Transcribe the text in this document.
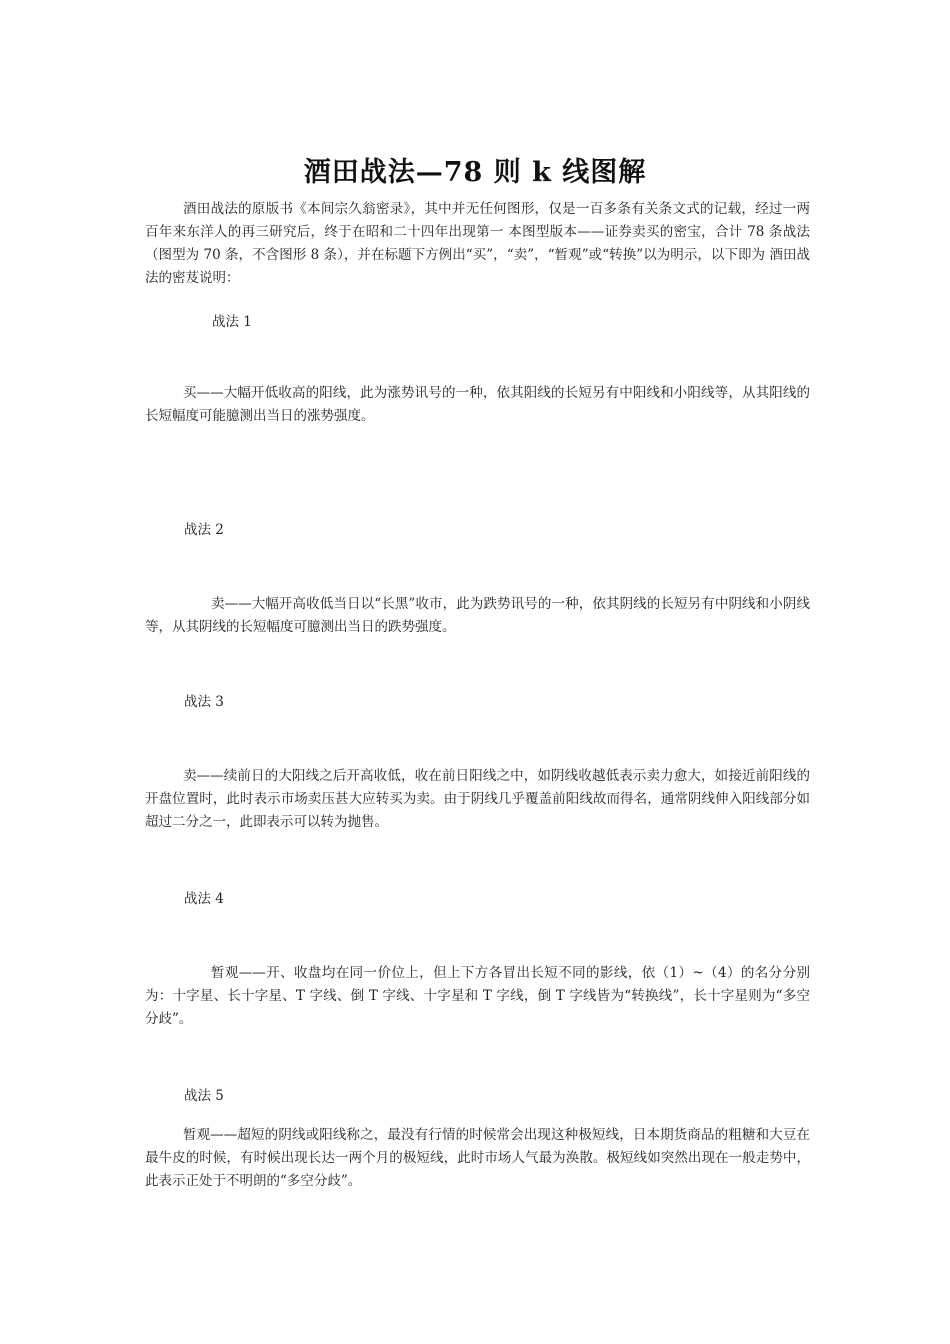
酒田战法—78 则 k 线图解
酒田战法的原版书《本间宗久翁密录》，其中并无任何图形，仅是一百多条有关条文式的记载，经过一两百年来东洋人的再三研究后，终于在昭和二十四年出现第一 本图型版本——证券卖买的密宝，合计 78 条战法（图型为 70 条，不含图形 8 条），并在标题下方例出“买”，“卖”，“暂观”或“转换”以为明示，以下即为 酒田战法的密芨说明：
战法 1
买——大幅开低收高的阳线，此为涨势讯号的一种，依其阳线的长短另有中阳线和小阳线等，从其阳线的长短幅度可能臆测出当日的涨势强度。
战法 2
卖——大幅开高收低当日以“长黑”收市，此为跌势讯号的一种，依其阴线的长短另有中阴线和小阴线等，从其阴线的长短幅度可臆测出当日的跌势强度。
战法 3
卖——续前日的大阳线之后开高收低，收在前日阳线之中，如阴线收越低表示卖力愈大，如接近前阳线的开盘位置时，此时表示市场卖压甚大应转买为卖。由于阴线几乎覆盖前阳线故而得名，通常阴线伸入阳线部分如超过二分之一，此即表示可以转为抛售。
战法 4
暂观——开、收盘均在同一价位上，但上下方各冒出长短不同的影线，依（1）~（4）的名分分别为：十字星、长十字星、T 字线、倒 T 字线、十字星和 T 字线，倒 T 字线皆为“转换线”，长十字星则为“多空分歧”。
战法 5
暂观——超短的阴线或阳线称之，最没有行情的时候常会出现这种极短线，日本期货商品的粗糖和大豆在最牛皮的时候，有时候出现长达一两个月的极短线，此时市场人气最为涣散。极短线如突然出现在一般走势中，此表示正处于不明朗的“多空分歧”。
